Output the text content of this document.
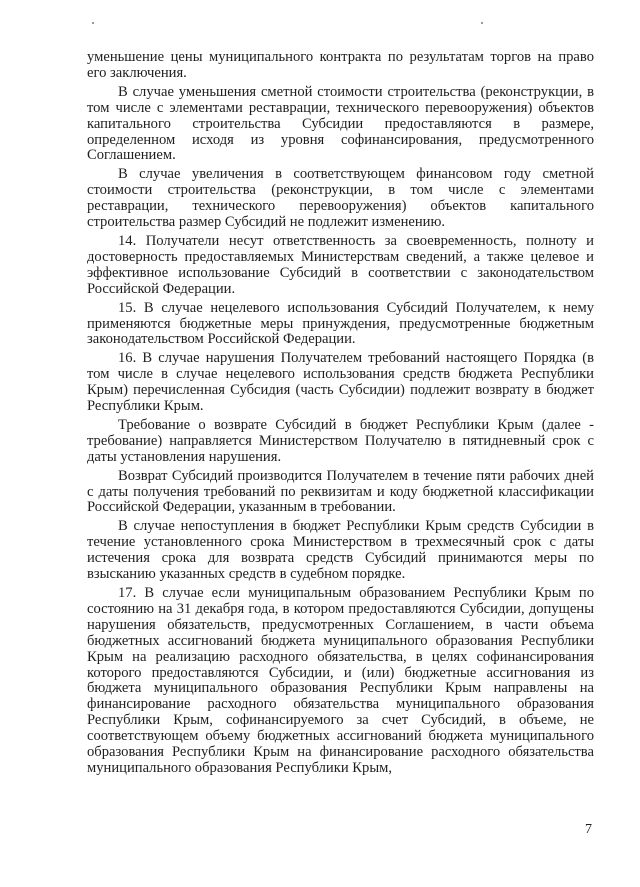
уменьшение цены муниципального контракта по результатам торгов на право его заключения.

В случае уменьшения сметной стоимости строительства (реконструкции, в том числе с элементами реставрации, технического перевооружения) объектов капитального строительства Субсидии предоставляются в размере, определенном исходя из уровня софинансирования, предусмотренного Соглашением.

В случае увеличения в соответствующем финансовом году сметной стоимости строительства (реконструкции, в том числе с элементами реставрации, технического перевооружения) объектов капитального строительства размер Субсидий не подлежит изменению.

14. Получатели несут ответственность за своевременность, полноту и достоверность предоставляемых Министерствам сведений, а также целевое и эффективное использование Субсидий в соответствии с законодательством Российской Федерации.

15. В случае нецелевого использования Субсидий Получателем, к нему применяются бюджетные меры принуждения, предусмотренные бюджетным законодательством Российской Федерации.

16. В случае нарушения Получателем требований настоящего Порядка (в том числе в случае нецелевого использования средств бюджета Республики Крым) перечисленная Субсидия (часть Субсидии) подлежит возврату в бюджет Республики Крым.

Требование о возврате Субсидий в бюджет Республики Крым (далее - требование) направляется Министерством Получателю в пятидневный срок с даты установления нарушения.

Возврат Субсидий производится Получателем в течение пяти рабочих дней с даты получения требований по реквизитам и коду бюджетной классификации Российской Федерации, указанным в требовании.

В случае непоступления в бюджет Республики Крым средств Субсидии в течение установленного срока Министерством в трехмесячный срок с даты истечения срока для возврата средств Субсидий принимаются меры по взысканию указанных средств в судебном порядке.

17. В случае если муниципальным образованием Республики Крым по состоянию на 31 декабря года, в котором предоставляются Субсидии, допущены нарушения обязательств, предусмотренных Соглашением, в части объема бюджетных ассигнований бюджета муниципального образования Республики Крым на реализацию расходного обязательства, в целях софинансирования которого предоставляются Субсидии, и (или) бюджетные ассигнования из бюджета муниципального образования Республики Крым направлены на финансирование расходного обязательства муниципального образования Республики Крым, софинансируемого за счет Субсидий, в объеме, не соответствующем объему бюджетных ассигнований бюджета муниципального образования Республики Крым на финансирование расходного обязательства муниципального образования Республики Крым,

7
